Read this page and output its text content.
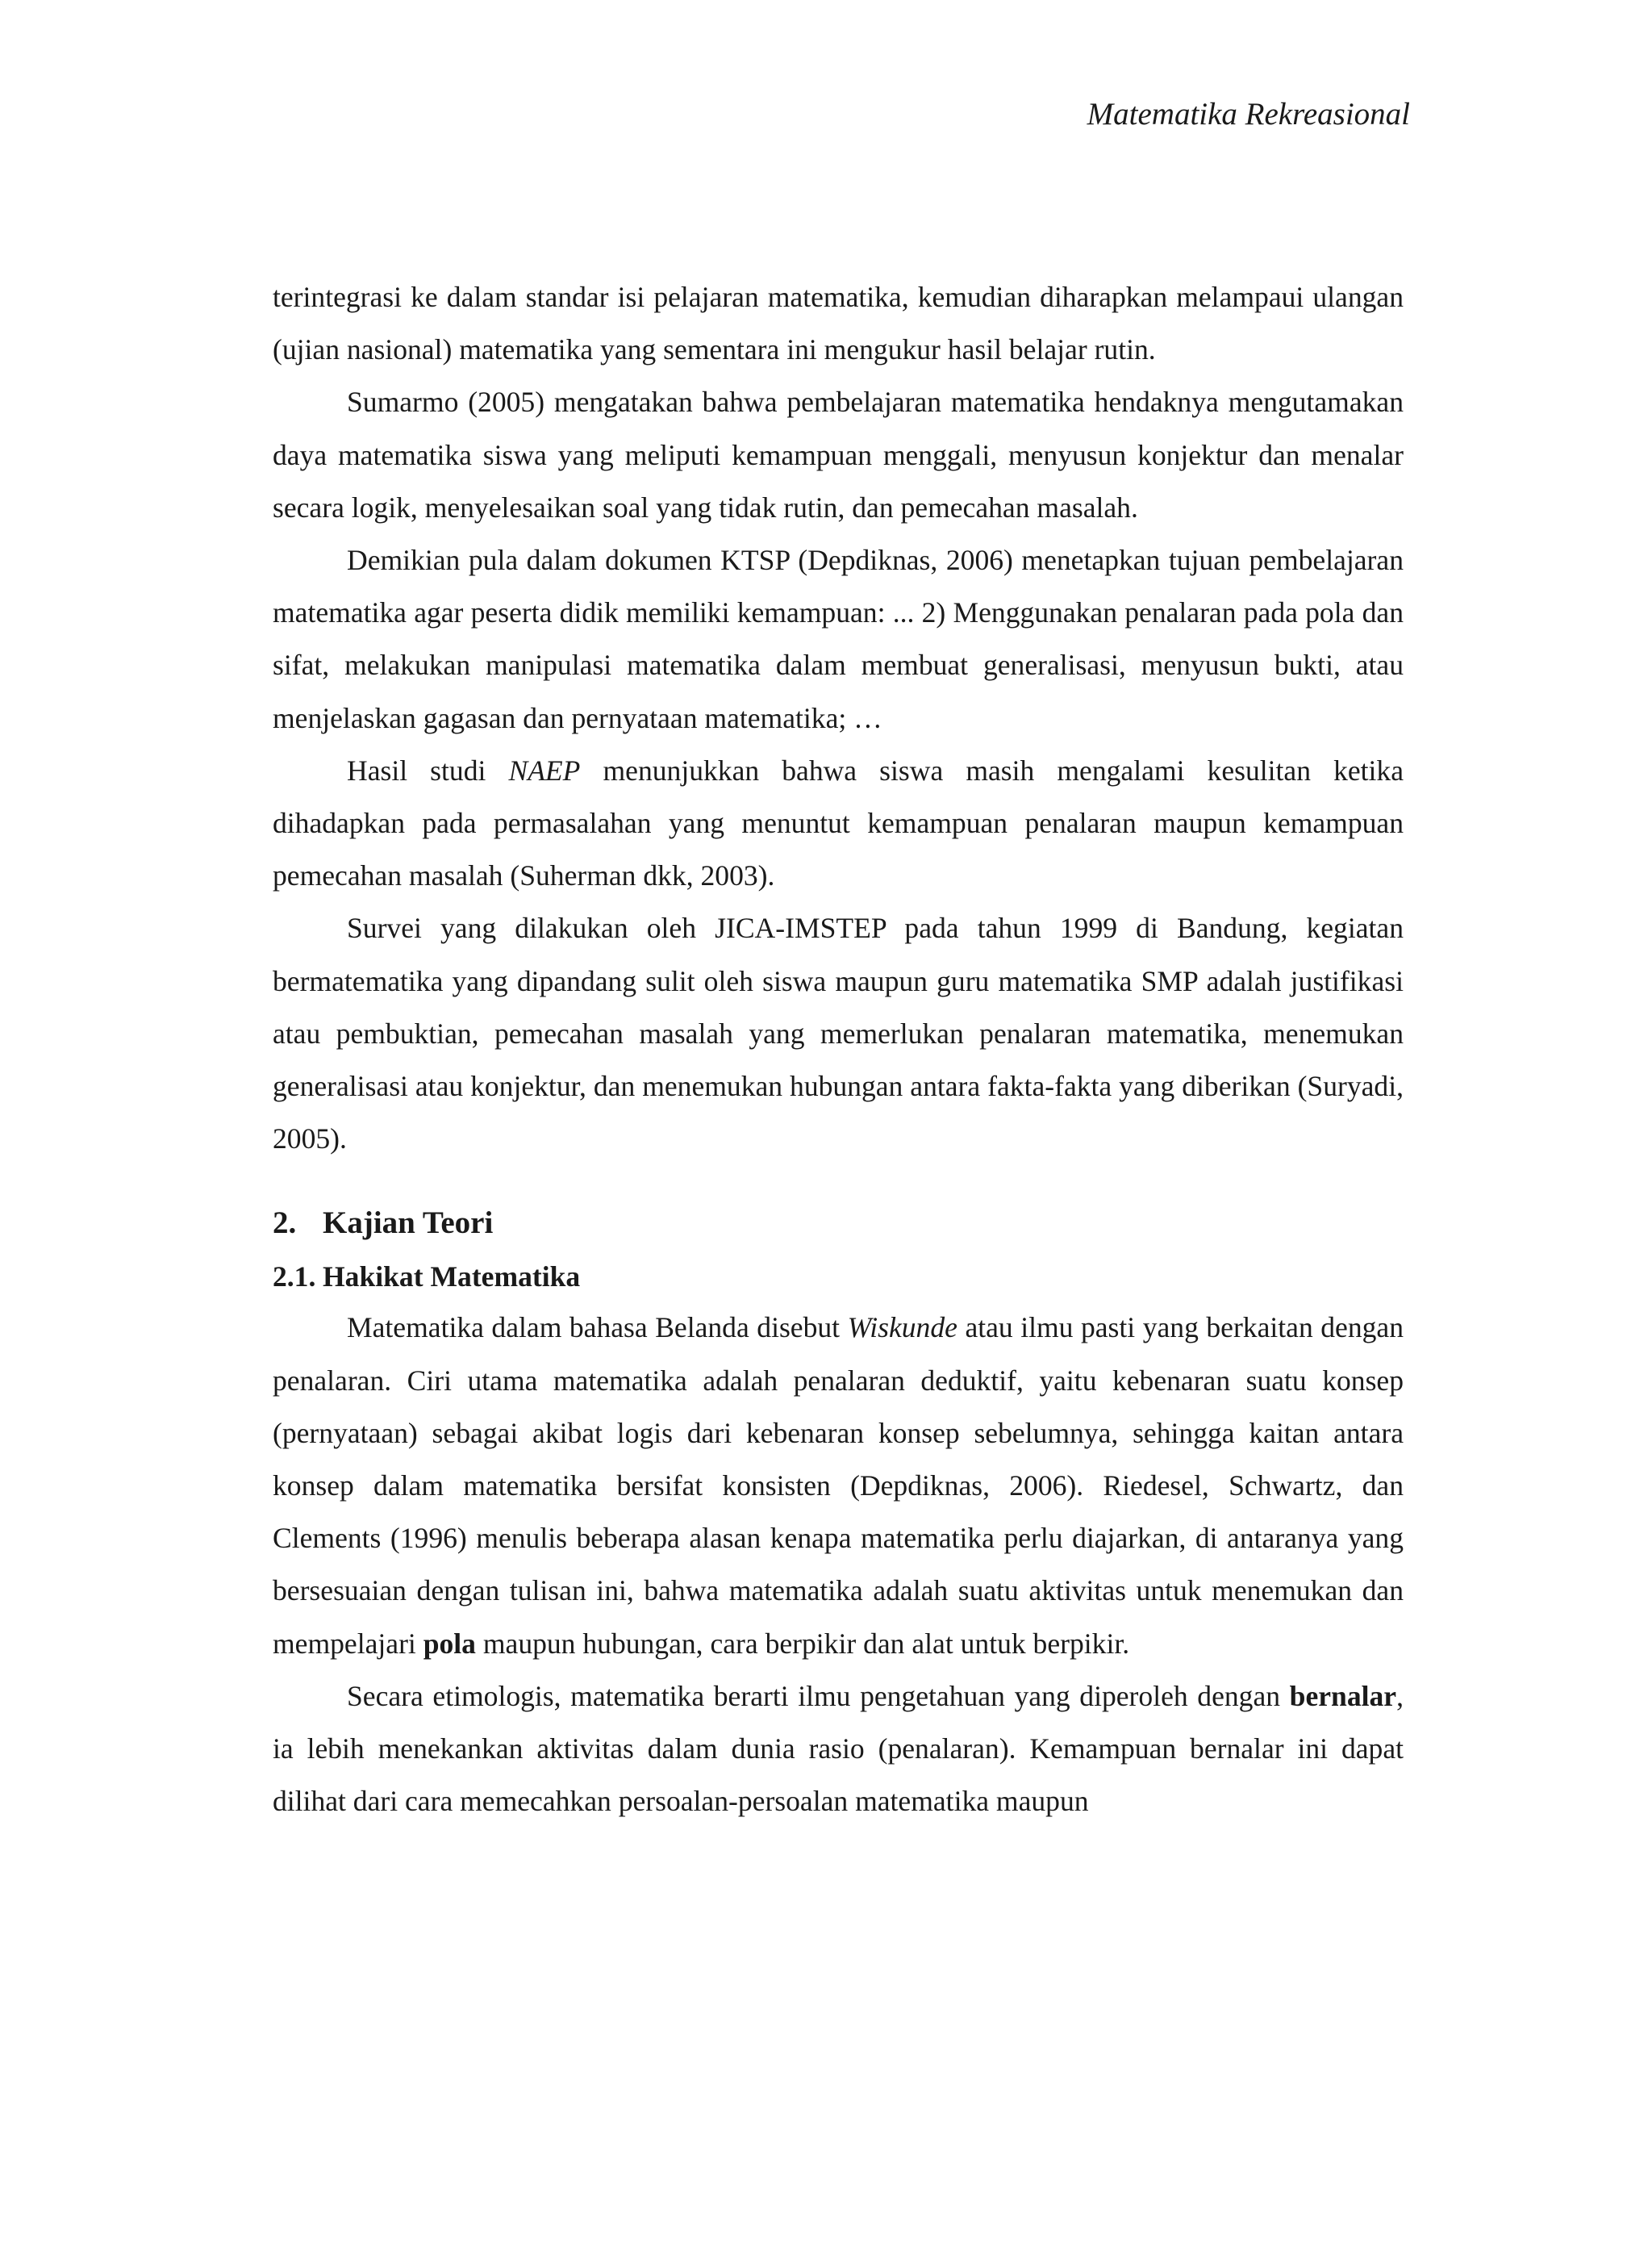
Matematika Rekreasional

terintegrasi ke dalam standar isi pelajaran matematika, kemudian diharapkan melampaui ulangan (ujian nasional) matematika yang sementara ini mengukur hasil belajar rutin.

Sumarmo (2005) mengatakan bahwa pembelajaran matematika hendaknya mengutamakan daya matematika siswa yang meliputi kemampuan menggali, menyusun konjektur dan menalar secara logik, menyelesaikan soal yang tidak rutin, dan pemecahan masalah.

Demikian pula dalam dokumen KTSP (Depdiknas, 2006) menetapkan tujuan pembelajaran matematika agar peserta didik memiliki kemampuan: ... 2) Menggunakan penalaran pada pola dan sifat, melakukan manipulasi matematika dalam membuat generalisasi, menyusun bukti, atau menjelaskan gagasan dan pernyataan matematika; …

Hasil studi NAEP menunjukkan bahwa siswa masih mengalami kesulitan ketika dihadapkan pada permasalahan yang menuntut kemampuan penalaran maupun kemampuan pemecahan masalah (Suherman dkk, 2003).

Survei yang dilakukan oleh JICA-IMSTEP pada tahun 1999 di Bandung, kegiatan bermatematika yang dipandang sulit oleh siswa maupun guru matematika SMP adalah justifikasi atau pembuktian, pemecahan masalah yang memerlukan penalaran matematika, menemukan generalisasi atau konjektur, dan menemukan hubungan antara fakta-fakta yang diberikan (Suryadi, 2005).

2. Kajian Teori
2.1. Hakikat Matematika

Matematika dalam bahasa Belanda disebut Wiskunde atau ilmu pasti yang berkaitan dengan penalaran. Ciri utama matematika adalah penalaran deduktif, yaitu kebenaran suatu konsep (pernyataan) sebagai akibat logis dari kebenaran konsep sebelumnya, sehingga kaitan antara konsep dalam matematika bersifat konsisten (Depdiknas, 2006). Riedesel, Schwartz, dan Clements (1996) menulis beberapa alasan kenapa matematika perlu diajarkan, di antaranya yang bersesuaian dengan tulisan ini, bahwa matematika adalah suatu aktivitas untuk menemukan dan mempelajari pola maupun hubungan, cara berpikir dan alat untuk berpikir.

Secara etimologis, matematika berarti ilmu pengetahuan yang diperoleh dengan bernalar, ia lebih menekankan aktivitas dalam dunia rasio (penalaran). Kemampuan bernalar ini dapat dilihat dari cara memecahkan persoalan-persoalan matematika maupun
